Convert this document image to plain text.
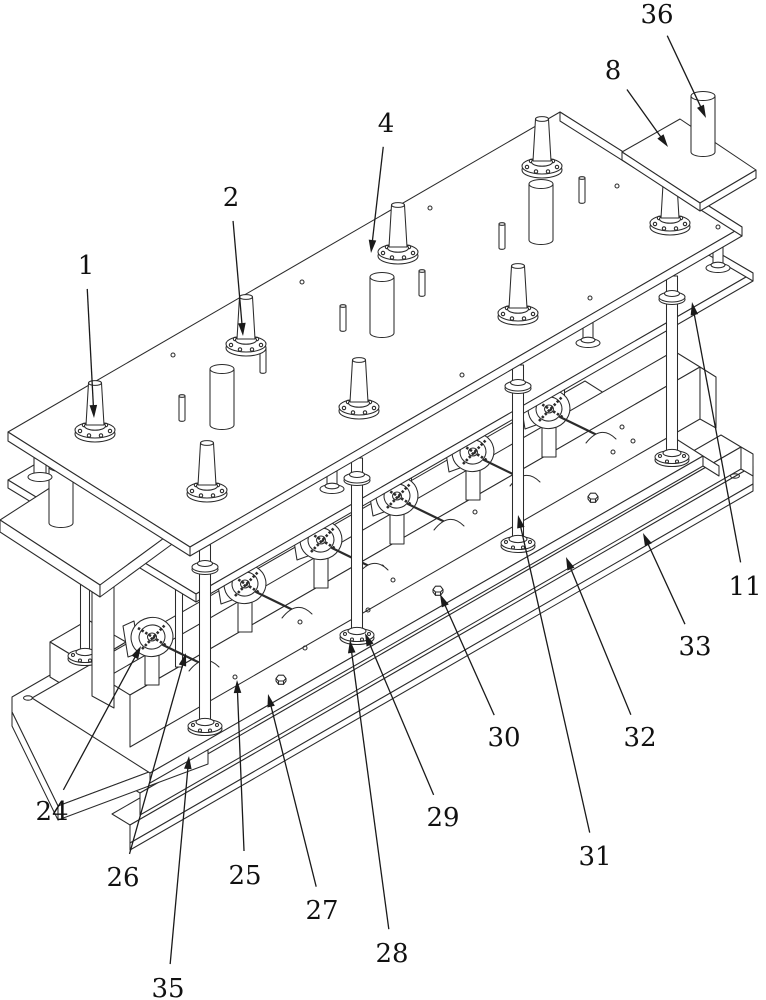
1
2
4
8
36
11
24
25
26
27
28
29
30
31
32
33
35
